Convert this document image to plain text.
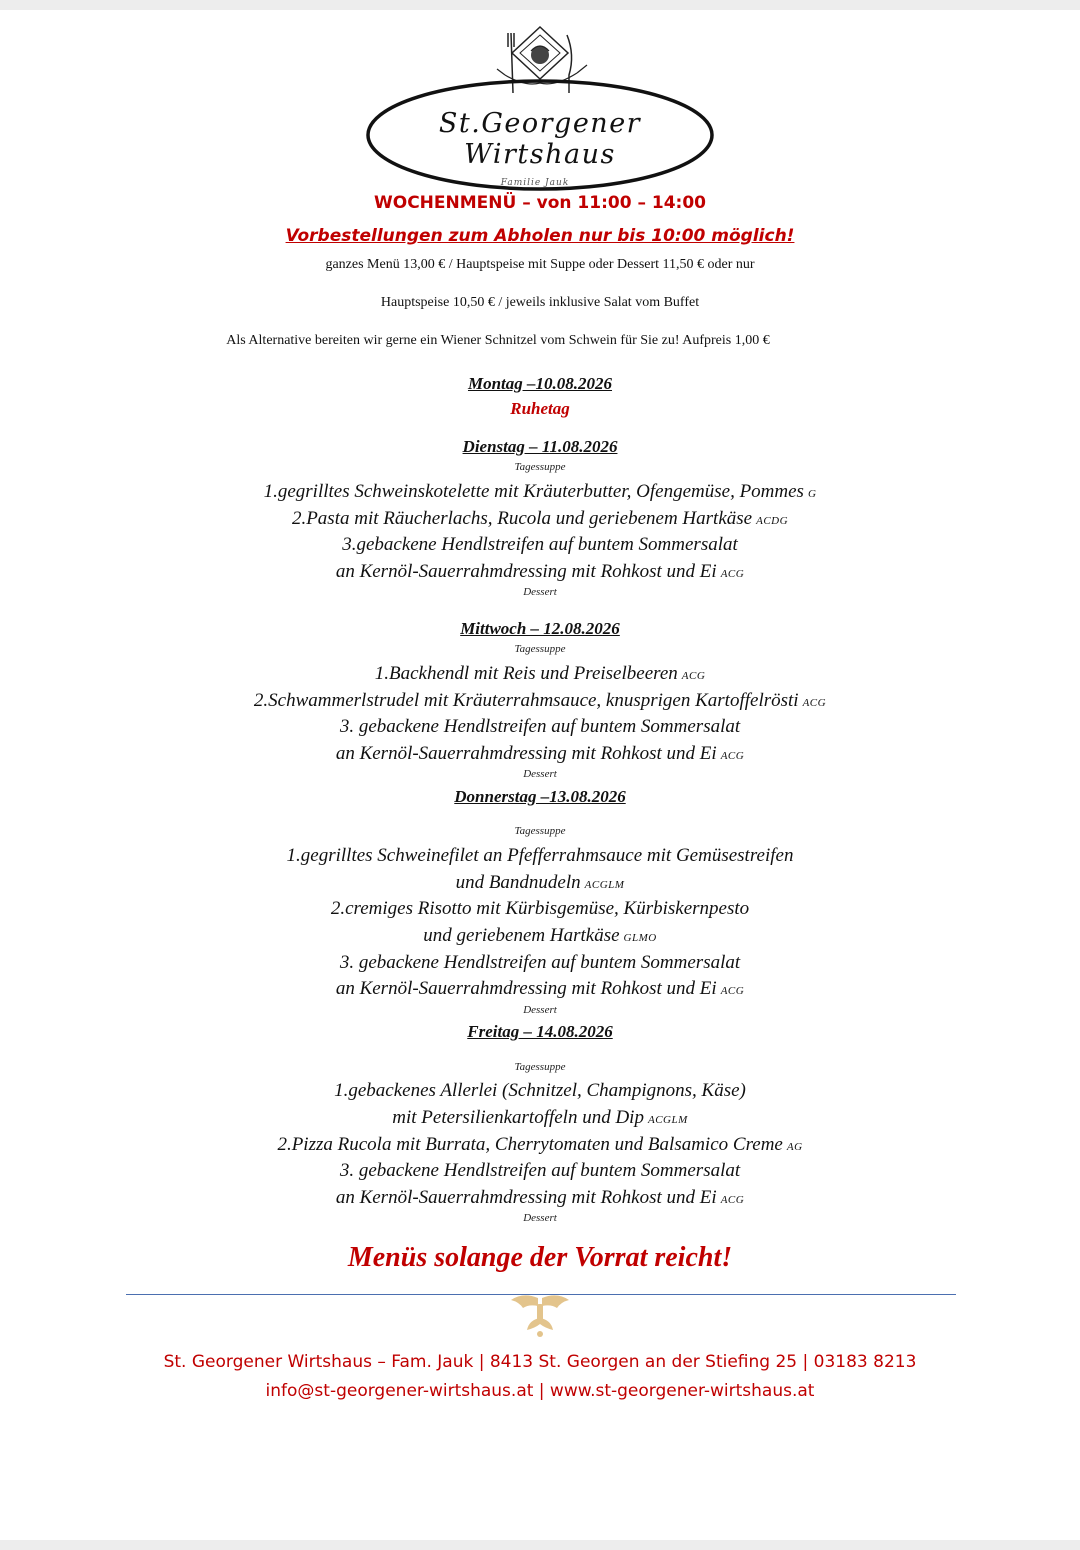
St.Georgener Wirtshaus
Familie Jauk
WOCHENMENÜ – von 11:00 – 14:00
Vorbestellungen zum Abholen nur bis 10:00 möglich!
ganzes Menü 13,00 € / Hauptspeise mit Suppe oder Dessert 11,50 € oder nur
Hauptspeise 10,50 € / jeweils inklusive Salat vom Buffet
Als Alternative bereiten wir gerne ein Wiener Schnitzel vom Schwein für Sie zu! Aufpreis 1,00 €
Montag –10.08.2026
Ruhetag
Dienstag – 11.08.2026
Tagessuppe
1.gegrilltes Schweinskotelette mit Kräuterbutter, Ofengemüse, Pommes G
2.Pasta mit Räucherlachs, Rucola und geriebenem Hartkäse ACDG
3.gebackene Hendlstreifen auf buntem Sommersalat
an Kernöl-Sauerrahmdressing mit Rohkost und Ei ACG
Dessert
Mittwoch – 12.08.2026
Tagessuppe
1.Backhendl mit Reis und Preiselbeeren ACG
2.Schwammerlstrudel mit Kräuterrahmsauce, knusprigen Kartoffelrösti ACG
3. gebackene Hendlstreifen auf buntem Sommersalat
an Kernöl-Sauerrahmdressing mit Rohkost und Ei ACG
Dessert
Donnerstag –13.08.2026
Tagessuppe
1.gegrilltes Schweinefilet an Pfefferrahmsauce mit Gemüsestreifen
und Bandnudeln ACGLM
2.cremiges Risotto mit Kürbisgemüse, Kürbiskernpesto
und geriebenem Hartkäse GLMO
3. gebackene Hendlstreifen auf buntem Sommersalat
an Kernöl-Sauerrahmdressing mit Rohkost und Ei ACG
Dessert
Freitag – 14.08.2026
Tagessuppe
1.gebackenes Allerlei (Schnitzel, Champignons, Käse)
mit Petersilienkartoffeln und Dip ACGLM
2.Pizza Rucola mit Burrata, Cherrytomaten und Balsamico Creme AG
3. gebackene Hendlstreifen auf buntem Sommersalat
an Kernöl-Sauerrahmdressing mit Rohkost und Ei ACG
Dessert
Menüs solange der Vorrat reicht!
St. Georgener Wirtshaus – Fam. Jauk | 8413 St. Georgen an der Stiefing 25 | 03183 8213
info@st-georgener-wirtshaus.at | www.st-georgener-wirtshaus.at
